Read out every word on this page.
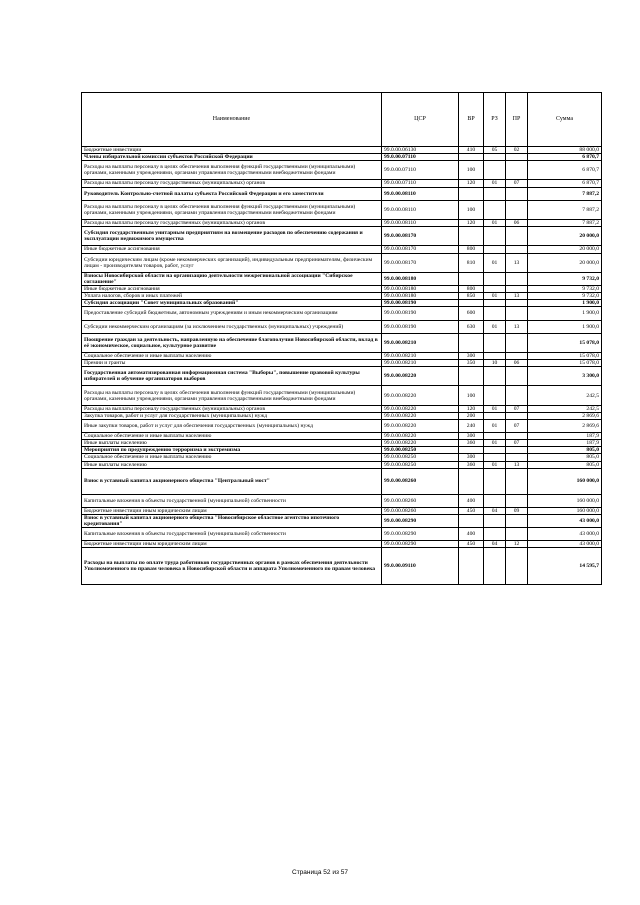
Наименование	ЦСР	ВР	РЗ	ПР	Сумма
Бюджетные инвестиции	99.0.00.06130	410	05	02	88 000,0
Члены избирательной комиссии субъектов Российской Федерации	99.0.00.07110				6 870,7
Расходы на выплаты персоналу в целях обеспечения выполнения функций государственными (муниципальными) органами, казенными учреждениями, органами управления государственными внебюджетными фондами	99.0.00.07110	100			6 870,7
Расходы на выплаты персоналу государственных (муниципальных) органов	99.0.00.07110	120	01	07	6 870,7
Руководитель Контрольно-счетной палаты субъекта Российской Федерации и его заместители	99.0.00.08110				7 887,2
Расходы на выплаты персоналу в целях обеспечения выполнения функций государственными (муниципальными) органами, казенными учреждениями, органами управления государственными внебюджетными фондами	99.0.00.08110	100			7 887,2
Расходы на выплаты персоналу государственных (муниципальных) органов	99.0.00.08110	120	01	06	7 887,2
Субсидия государственным унитарным предприятиям на возмещение расходов по обеспечению содержания и эксплуатации недвижимого имущества	99.0.00.08170				20 000,0
Иные бюджетные ассигнования	99.0.00.08170	800			20 000,0
Субсидии юридическим лицам (кроме некоммерческих организаций), индивидуальным предпринимателям, физическим лицам - производителям товаров, работ, услуг	99.0.00.08170	810	01	13	20 000,0
Взносы Новосибирской области на организацию деятельности межрегиональной ассоциации "Сибирское соглашение"	99.0.00.08180				9 732,0
Иные бюджетные ассигнования	99.0.00.08180	800			9 732,0
Уплата налогов, сборов и иных платежей	99.0.00.08180	850	01	13	9 732,0
Субсидия ассоциации "Совет муниципальных образований"	99.0.00.08190				1 900,0
Предоставление субсидий бюджетным, автономным учреждениям и иным некоммерческим организациям	99.0.00.08190	600			1 900,0
Субсидии некоммерческим организациям (за исключением государственных (муниципальных) учреждений)	99.0.00.08190	630	01	13	1 900,0
Поощрение граждан за деятельность, направленную на обеспечение благополучия Новосибирской области, вклад в её экономическое, социальное, культурное развитие	99.0.00.08210				15 078,0
Социальное обеспечение и иные выплаты населению	99.0.00.08210	300			15 078,0
Премии и гранты	99.0.00.08210	350	10	06	15 078,0
Государственная автоматизированная информационная система "Выборы", повышение правовой культуры избирателей и обучение организаторов выборов	99.0.00.08220				3 300,0
Расходы на выплаты персоналу в целях обеспечения выполнения функций государственными (муниципальными) органами, казенными учреждениями, органами управления государственными внебюджетными фондами	99.0.00.08220	100			242,5
Расходы на выплаты персоналу государственных (муниципальных) органов	99.0.00.08220	120	01	07	242,5
Закупка товаров, работ и услуг для государственных (муниципальных) нужд	99.0.00.08220	200			2 869,6
Иные закупки товаров, работ и услуг для обеспечения государственных (муниципальных) нужд	99.0.00.08220	240	01	07	2 869,6
Социальное обеспечение и иные выплаты населению	99.0.00.08220	300			187,9
Иные выплаты населению	99.0.00.08220	360	01	07	187,9
Мероприятия по предупреждению терроризма и экстремизма	99.0.00.08250				805,0
Социальное обеспечение и иные выплаты населению	99.0.00.08250	300			805,0
Иные выплаты населению	99.0.00.08250	360	01	13	805,0
Взнос в уставный капитал акционерного общества "Центральный мост"	99.0.00.08260				160 000,0
Капитальные вложения в объекты государственной (муниципальной) собственности	99.0.00.08260	400			160 000,0
Бюджетные инвестиции иным юридическим лицам	99.0.00.08260	450	04	09	160 000,0
Взнос в уставный капитал акционерного общества "Новосибирское областное агентство ипотечного кредитования"	99.0.00.08290				43 000,0
Капитальные вложения в объекты государственной (муниципальной) собственности	99.0.00.08290	400			43 000,0
Бюджетные инвестиции иным юридическим лицам	99.0.00.08290	450	04	12	43 000,0
Расходы на выплаты по оплате труда работников государственных органов в рамках обеспечения деятельности Уполномоченного по правам человека в Новосибирской области и аппарата Уполномоченного по правам человека	99.0.00.09110				14 595,7
Страница 52 из 57
